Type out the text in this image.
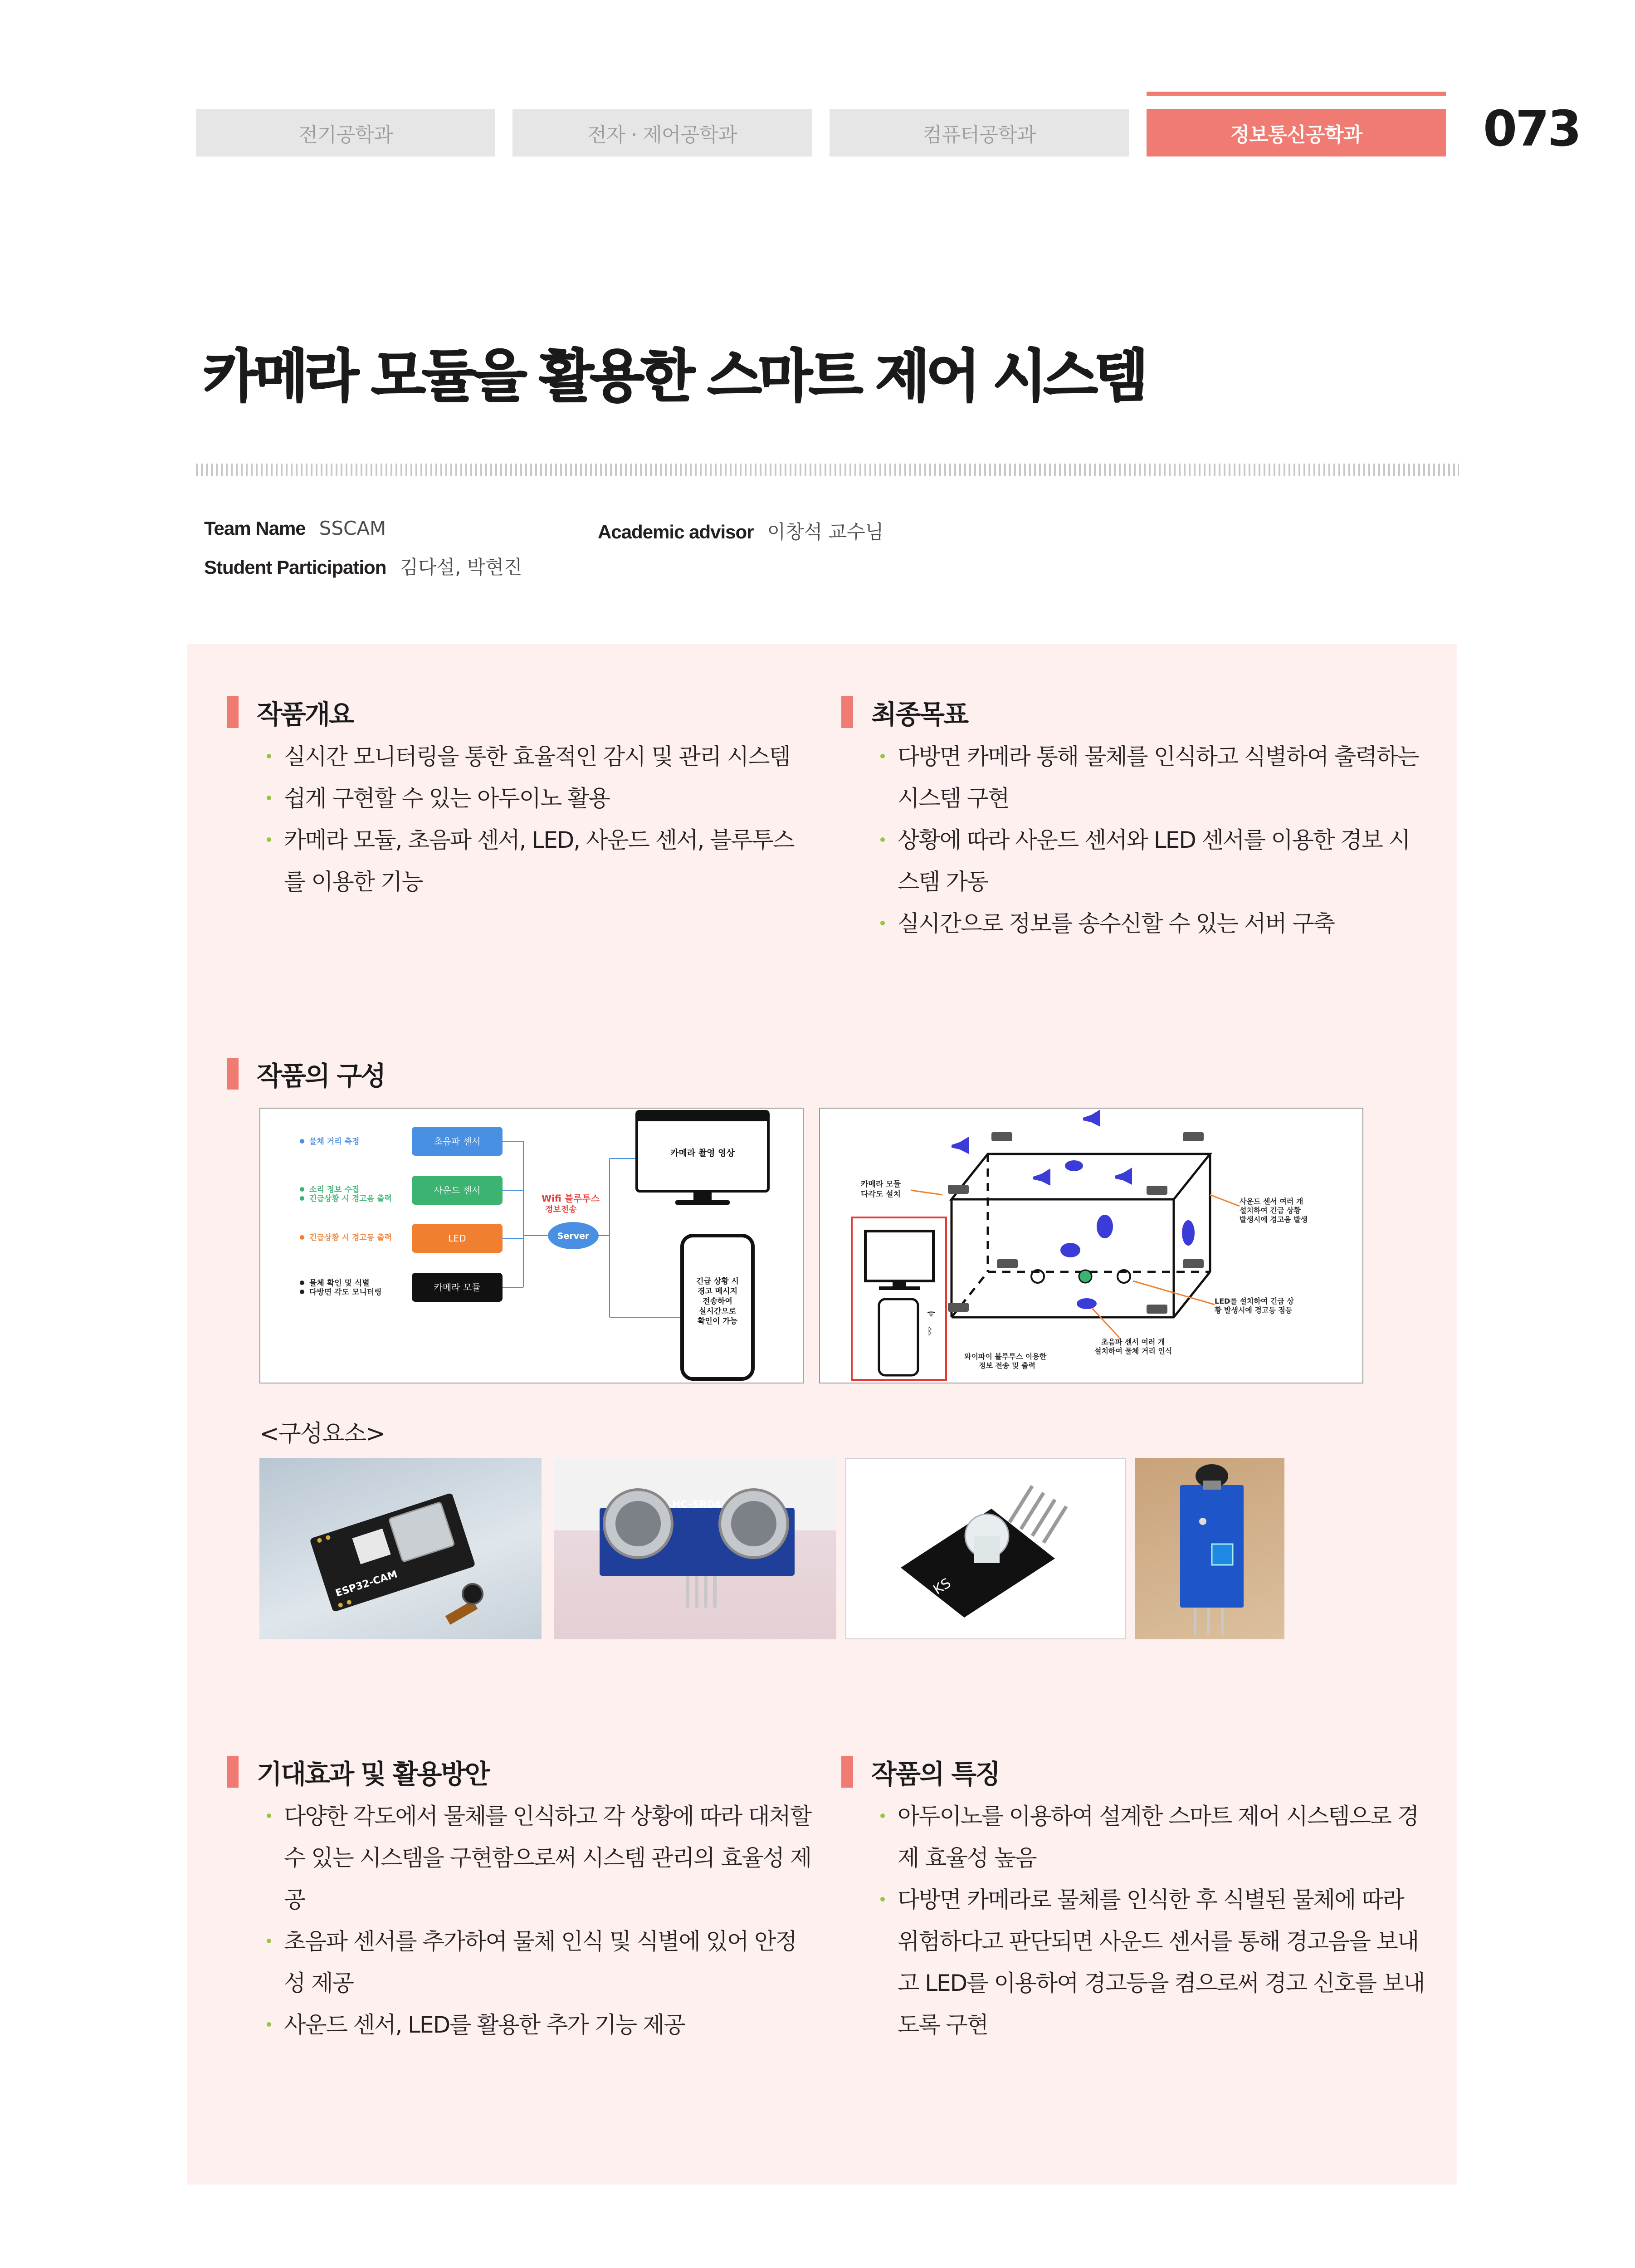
전기공학과	전자 · 제어공학과	컴퓨터공학과	정보통신공학과	073
카메라 모듈을 활용한 스마트 제어 시스템
Team Name SSCAM	Academic advisor 이창석 교수님
Student Participation 김다설, 박현진
작품개요
실시간 모니터링을 통한 효율적인 감시 및 관리 시스템
쉽게 구현할 수 있는 아두이노 활용
카메라 모듈, 초음파 센서, LED, 사운드 센서, 블루투스를 이용한 기능
최종목표
다방면 카메라 통해 물체를 인식하고 식별하여 출력하는 시스템 구현
상황에 따라 사운드 센서와 LED 센서를 이용한 경보 시스템 가동
실시간으로 정보를 송수신할 수 있는 서버 구축
작품의 구성
물체 거리 측정
소리 정보 수집
긴급상황 시 경고음 출력
긴급상황 시 경고등 출력
물체 확인 및 식별
다방면 각도 모니터링
초음파 센서
사운드 센서
LED
카메라 모듈
Wifi 블루투스
정보전송
Server
카메라 촬영 영상
긴급 상황 시
경고 메시지
전송하여
실시간으로
확인이 가능
카메라 모듈
다각도 설치
사운드 센서 여러 개
설치하여 긴급 상황
발생시에 경고음 발생
LED를 설치하여 긴급 상
황 발생시에 경고등 점등
초음파 센서 여러 개
설치하여 물체 거리 인식
와이파이 블루투스 이용한
정보 전송 및 출력
ᯤ
ᛒ
<구성요소>
ESP32-CAM
HC-SR04
KS
기대효과 및 활용방안
다양한 각도에서 물체를 인식하고 각 상황에 따라 대처할 수 있는 시스템을 구현함으로써 시스템 관리의 효율성 제공
초음파 센서를 추가하여 물체 인식 및 식별에 있어 안정성 제공
사운드 센서, LED를 활용한 추가 기능 제공
작품의 특징
아두이노를 이용하여 설계한 스마트 제어 시스템으로 경제 효율성 높음
다방면 카메라로 물체를 인식한 후 식별된 물체에 따라 위험하다고 판단되면 사운드 센서를 통해 경고음을 보내고 LED를 이용하여 경고등을 켬으로써 경고 신호를 보내도록 구현
